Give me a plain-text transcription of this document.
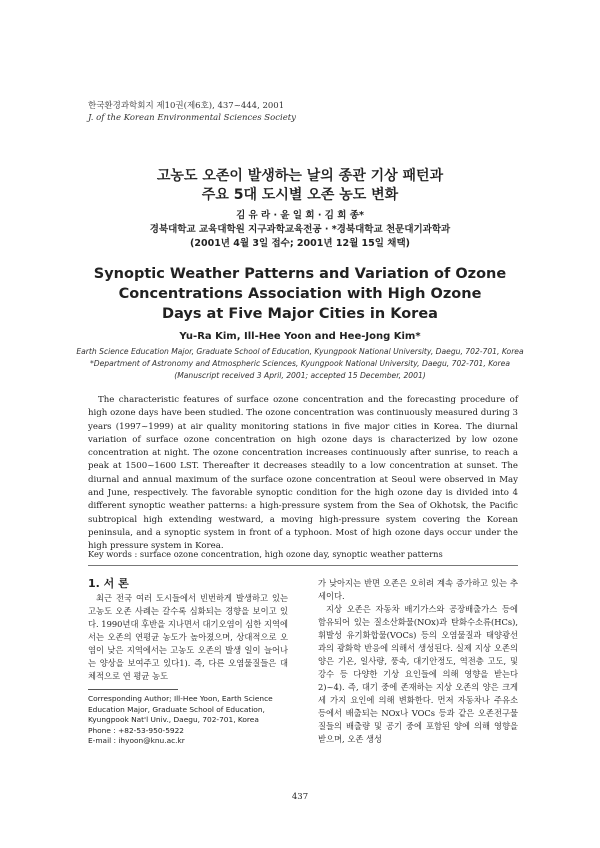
한국환경과학회지 제10권(제6호), 437~444, 2001
J. of the Korean Environmental Sciences Society
고농도 오존이 발생하는 날의 종관 기상 패턴과
주요 5대 도시별 오존 농도 변화
김 유 라 · 윤 일 희 · 김 희 종*
경북대학교 교육대학원 지구과학교육전공 · *경북대학교 천문대기과학과
(2001년 4월 3일 접수; 2001년 12월 15일 채택)
Synoptic Weather Patterns and Variation of Ozone
Concentrations Association with High Ozone
Days at Five Major Cities in Korea
Yu-Ra Kim, Ill-Hee Yoon and Hee-Jong Kim*
Earth Science Education Major, Graduate School of Education, Kyungpook National University, Daegu, 702-701, Korea
*Department of Astronomy and Atmospheric Sciences, Kyungpook National University, Daegu, 702-701, Korea
(Manuscript received 3 April, 2001; accepted 15 December, 2001)

The characteristic features of surface ozone concentration and the forecasting procedure of high ozone days have been studied. The ozone concentration was continuously measured during 3 years (1997~1999) at air quality monitoring stations in five major cities in Korea. The diurnal variation of surface ozone concentration on high ozone days is characterized by low ozone concentration at night. The ozone concentration increases continuously after sunrise, to reach a peak at 1500~1600 LST. Thereafter it decreases steadily to a low concentration at sunset. The diurnal and annual maximum of the surface ozone concentration at Seoul were observed in May and June, respectively. The favorable synoptic condition for the high ozone day is divided into 4 different synoptic weather patterns: a high-pressure system from the Sea of Okhotsk, the Pacific subtropical high extending westward, a moving high-pressure system covering the Korean peninsula, and a synoptic system in front of a typhoon. Most of high ozone days occur under the high pressure system in Korea.

Key words : surface ozone concentration, high ozone day, synoptic weather patterns
1. 서 론

최근 전국 여러 도시들에서 빈번하게 발생하고 있는 고농도 오존 사례는 갈수록 심화되는 경향을 보이고 있다. 1990년대 후반을 지나면서 대기오염이 심한 지역에서는 오존의 연평균 농도가 높아졌으며, 상대적으로 오염이 낮은 지역에서는 고농도 오존의 발생 일이 늘어나는 양상을 보여주고 있다1). 즉, 다른 오염물질들은 대체적으로 연 평균 농도

가 낮아지는 반면 오존은 오히려 계속 증가하고 있는 추세이다.

지상 오존은 자동차 배기가스와 공장배출가스 등에 함유되어 있는 질소산화물(NOx)과 탄화수소류(HCs), 휘발성 유기화합물(VOCs) 등의 오염물질과 태양광선과의 광화학 반응에 의해서 생성된다. 실제 지상 오존의 양은 기온, 일사량, 풍속, 대기안정도, 역전층 고도, 및 강수 등 다양한 기상 요인들에 의해 영향을 받는다2)~4). 즉, 대기 중에 존재하는 지상 오존의 양은 크게 세 가지 요인에 의해 변화한다. 먼저 자동차나 주유소 등에서 배출되는 NOx나 VOCs 등과 같은 오존전구물질들의 배출량 및 공기 중에 포함된 양에 의해 영향을 받으며, 오존 생성

Corresponding Author; Ill-Hee Yoon, Earth Science
Education Major, Graduate School of Education,
Kyungpook Nat'l Univ., Daegu, 702-701, Korea
Phone : +82-53-950-5922
E-mail : ihyoon@knu.ac.kr
437
